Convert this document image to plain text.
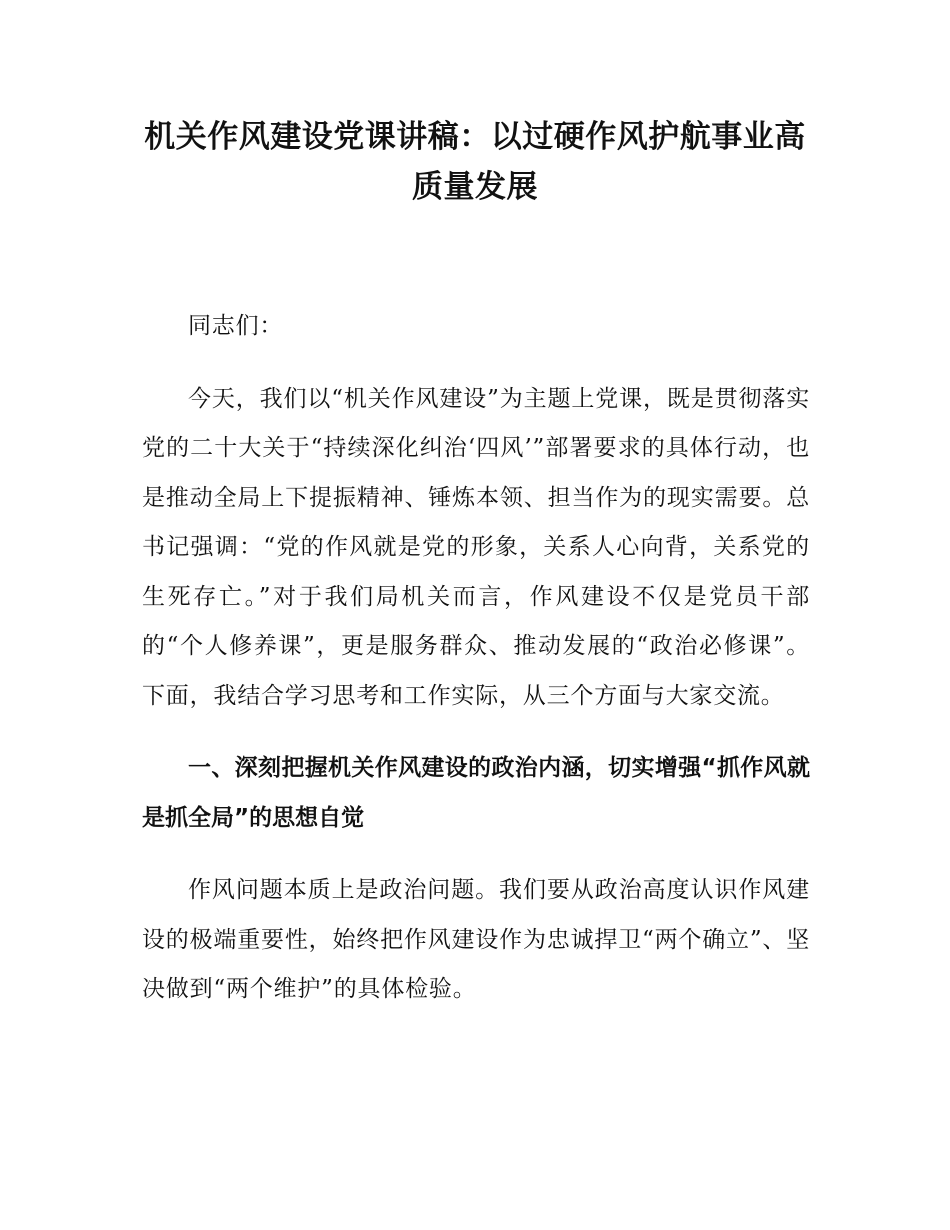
机关作风建设党课讲稿：以过硬作风护航事业高质量发展

同志们：

今天，我们以“机关作风建设”为主题上党课，既是贯彻落实党的二十大关于“持续深化纠治‘四风’”部署要求的具体行动，也是推动全局上下提振精神、锤炼本领、担当作为的现实需要。总书记强调：“党的作风就是党的形象，关系人心向背，关系党的生死存亡。”对于我们局机关而言，作风建设不仅是党员干部的“个人修养课”，更是服务群众、推动发展的“政治必修课”。下面，我结合学习思考和工作实际，从三个方面与大家交流。

一、深刻把握机关作风建设的政治内涵，切实增强“抓作风就是抓全局”的思想自觉

作风问题本质上是政治问题。我们要从政治高度认识作风建设的极端重要性，始终把作风建设作为忠诚捍卫“两个确立”、坚决做到“两个维护”的具体检验。
